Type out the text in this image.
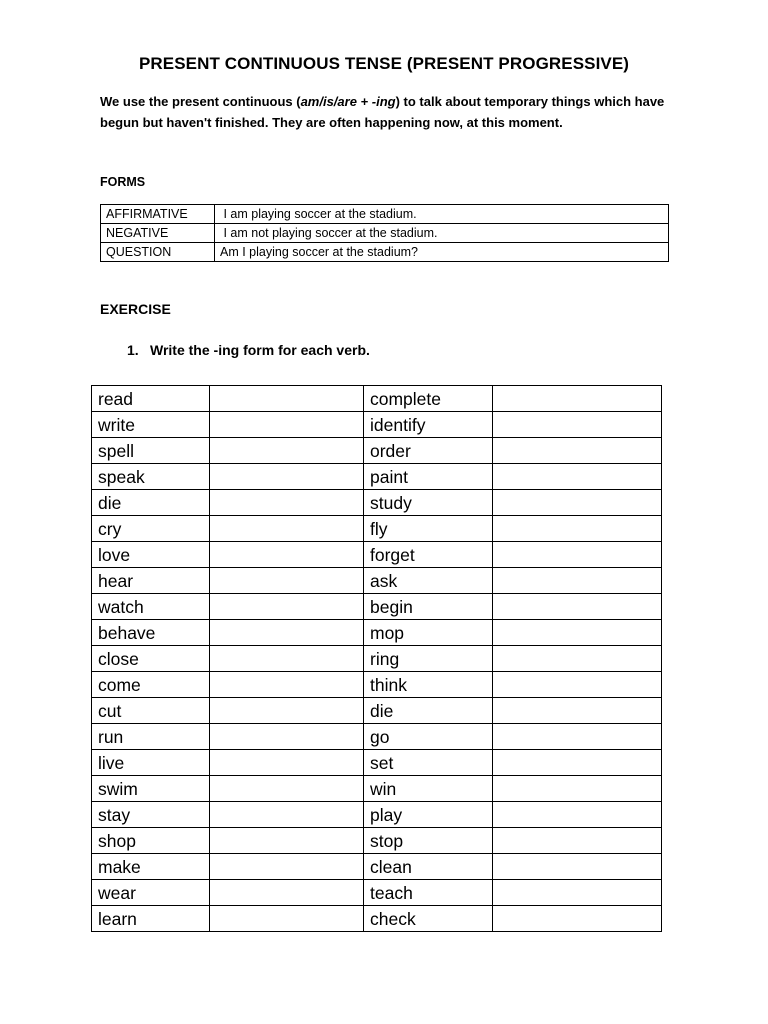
PRESENT CONTINUOUS TENSE (PRESENT PROGRESSIVE)
We use the present continuous (am/is/are + -ing) to talk about temporary things which have begun but haven't finished. They are often happening now, at this moment.
FORMS
AFFIRMATIVE	I am playing soccer at the stadium.
NEGATIVE	I am not playing soccer at the stadium.
QUESTION	Am I playing soccer at the stadium?
EXERCISE
1. Write the -ing form for each verb.
read		complete	
write		identify	
spell		order	
speak		paint	
die		study	
cry		fly	
love		forget	
hear		ask	
watch		begin	
behave		mop	
close		ring	
come		think	
cut		die	
run		go	
live		set	
swim		win	
stay		play	
shop		stop	
make		clean	
wear		teach	
learn		check	
